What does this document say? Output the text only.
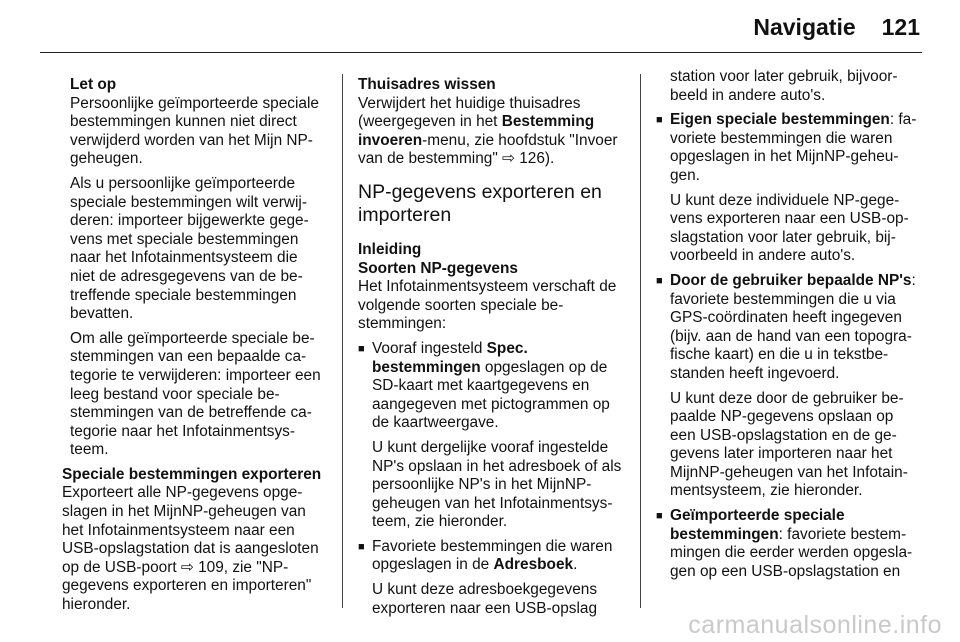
Navigatie 121
Let op

Persoonlijke geïmporteerde speciale bestemmingen kunnen niet direct verwijderd worden van het Mijn NP-geheugen.

Als u persoonlijke geïmporteerde speciale bestemmingen wilt verwijderen: importeer bijgewerkte gegevens met speciale bestemmingen naar het Infotainmentsysteem die niet de adresgegevens van de betreffende speciale bestemmingen bevatten.

Om alle geïmporteerde speciale bestemmingen van een bepaalde categorie te verwijderen: importeer een leeg bestand voor speciale bestemmingen van de betreffende categorie naar het Infotainmentsysteem.

Speciale bestemmingen exporteren

Exporteert alle NP-gegevens opgeslagen in het MijnNP-geheugen van het Infotainmentsysteem naar een USB-opslagstation dat is aangesloten op de USB-poort ⇨ 109, zie "NP-gegevens exporteren en importeren" hieronder.

Thuisadres wissen

Verwijdert het huidige thuisadres (weergegeven in het Bestemming invoeren-menu, zie hoofdstuk "Invoer van de bestemming" ⇨ 126).

NP-gegevens exporteren en importeren
Inleiding
Soorten NP-gegevens

Het Infotainmentsysteem verschaft de volgende soorten speciale bestemmingen:

■ Vooraf ingesteld Spec. bestemmingen opgeslagen op de SD-kaart met kaartgegevens en aangegeven met pictogrammen op de kaartweergave.

U kunt dergelijke vooraf ingestelde NP's opslaan in het adresboek of als persoonlijke NP's in het MijnNP-geheugen van het Infotainmentsysteem, zie hieronder.

■ Favoriete bestemmingen die waren opgeslagen in de Adresboek.

U kunt deze adresboekgegevens exporteren naar een USB-opslag

station voor later gebruik, bijvoorbeeld in andere auto's.

■ Eigen speciale bestemmingen: favoriete bestemmingen die waren opgeslagen in het MijnNP-geheugen.

U kunt deze individuele NP-gegevens exporteren naar een USB-opslagstation voor later gebruik, bijvoorbeeld in andere auto's.

■ Door de gebruiker bepaalde NP's: favoriete bestemmingen die u via GPS-coördinaten heeft ingegeven (bijv. aan de hand van een topografische kaart) en die u in tekstbestanden heeft ingevoerd.

U kunt deze door de gebruiker bepaalde NP-gegevens opslaan op een USB-opslagstation en de gegevens later importeren naar het MijnNP-geheugen van het Infotainmentsysteem, zie hieronder.

■ Geïmporteerde speciale bestemmingen: favoriete bestemmingen die eerder werden opgeslagen op een USB-opslagstation en
carmanualsonline.info
